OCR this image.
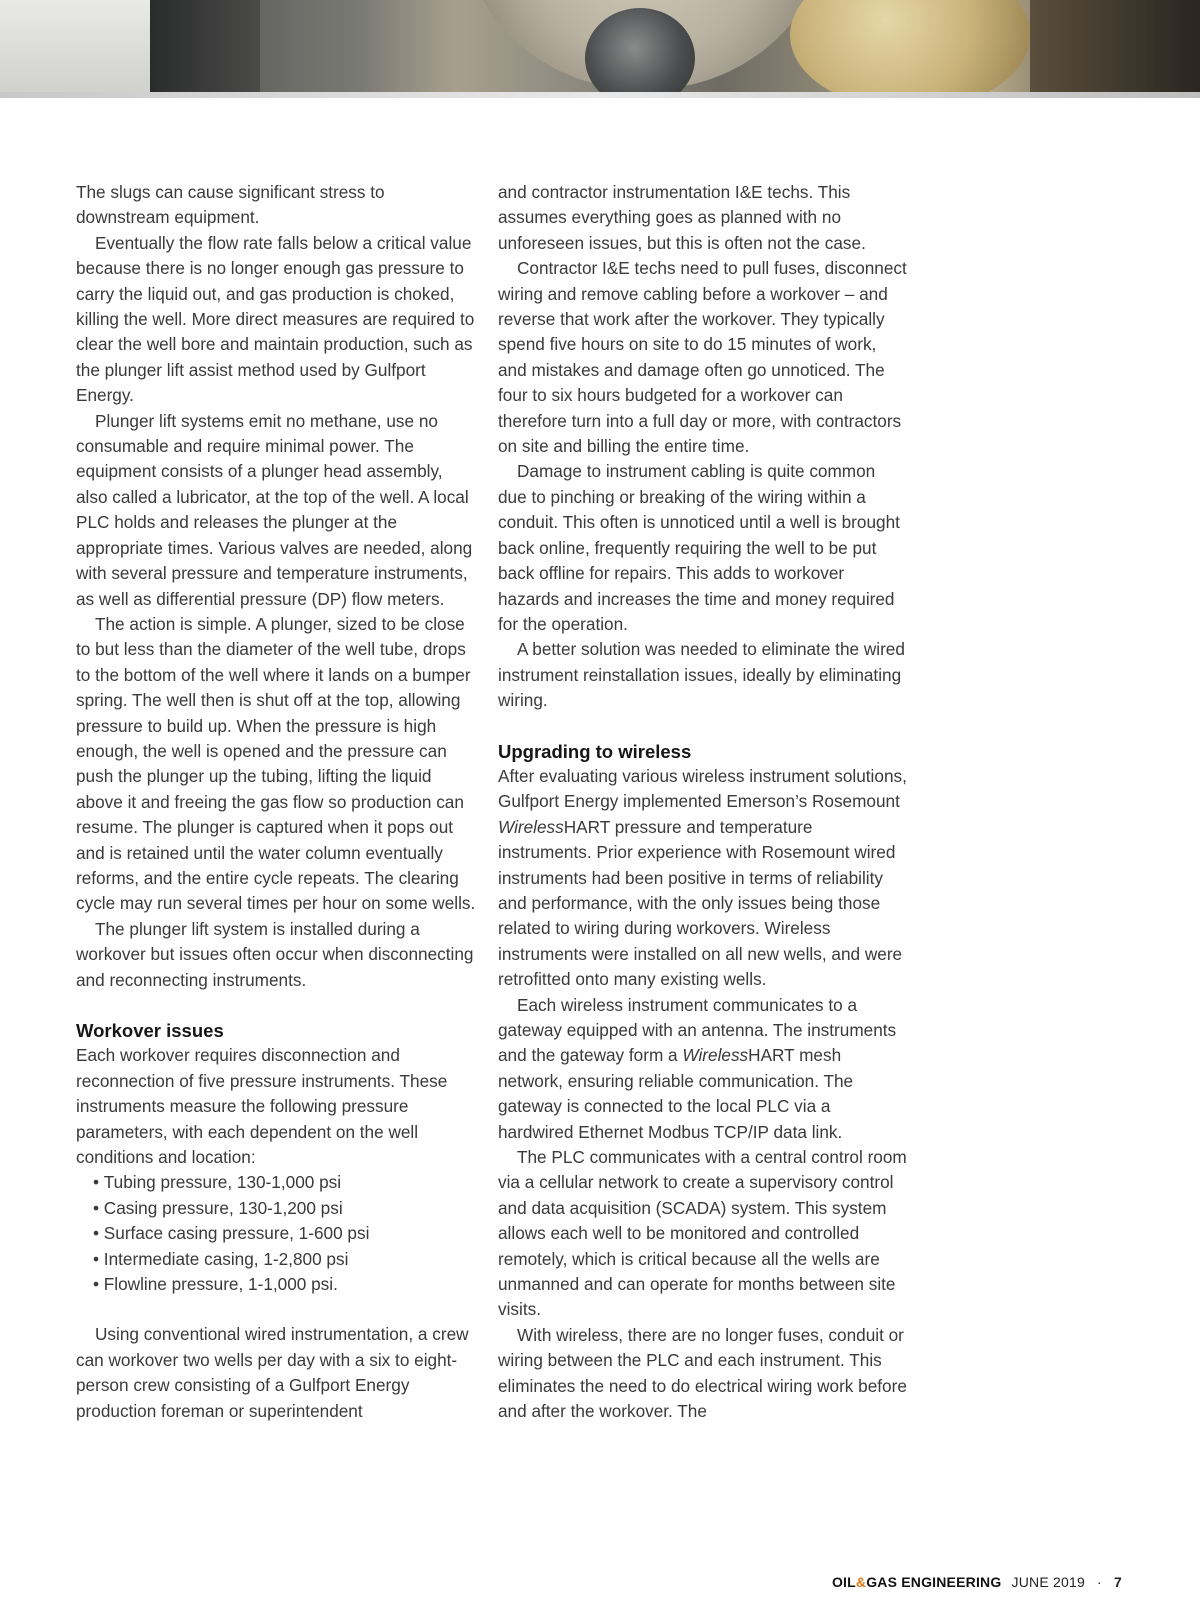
The slugs can cause significant stress to downstream equipment.

Eventually the flow rate falls below a critical value because there is no longer enough gas pressure to carry the liquid out, and gas production is choked, killing the well. More direct measures are required to clear the well bore and maintain production, such as the plunger lift assist method used by Gulfport Energy.

Plunger lift systems emit no methane, use no consumable and require minimal power. The equipment consists of a plunger head assembly, also called a lubricator, at the top of the well. A local PLC holds and releases the plunger at the appropriate times. Various valves are needed, along with several pressure and temperature instruments, as well as differential pressure (DP) flow meters.

The action is simple. A plunger, sized to be close to but less than the diameter of the well tube, drops to the bottom of the well where it lands on a bumper spring. The well then is shut off at the top, allowing pressure to build up. When the pressure is high enough, the well is opened and the pressure can push the plunger up the tubing, lifting the liquid above it and freeing the gas flow so production can resume. The plunger is captured when it pops out and is retained until the water column eventually reforms, and the entire cycle repeats. The clearing cycle may run several times per hour on some wells.

The plunger lift system is installed during a workover but issues often occur when disconnecting and reconnecting instruments.

Workover issues

Each workover requires disconnection and reconnection of five pressure instruments. These instruments measure the following pressure parameters, with each dependent on the well conditions and location:

• Tubing pressure, 130-1,000 psi
• Casing pressure, 130-1,200 psi
• Surface casing pressure, 1-600 psi
• Intermediate casing, 1-2,800 psi
• Flowline pressure, 1-1,000 psi.

Using conventional wired instrumentation, a crew can workover two wells per day with a six to eight-person crew consisting of a Gulfport Energy production foreman or superintendent

and contractor instrumentation I&E techs. This assumes everything goes as planned with no unforeseen issues, but this is often not the case.

Contractor I&E techs need to pull fuses, disconnect wiring and remove cabling before a workover – and reverse that work after the workover. They typically spend five hours on site to do 15 minutes of work, and mistakes and damage often go unnoticed. The four to six hours budgeted for a workover can therefore turn into a full day or more, with contractors on site and billing the entire time.

Damage to instrument cabling is quite common due to pinching or breaking of the wiring within a conduit. This often is unnoticed until a well is brought back online, frequently requiring the well to be put back offline for repairs. This adds to workover hazards and increases the time and money required for the operation.

A better solution was needed to eliminate the wired instrument reinstallation issues, ideally by eliminating wiring.

Upgrading to wireless

After evaluating various wireless instrument solutions, Gulfport Energy implemented Emerson’s Rosemount WirelessHART pressure and temperature instruments. Prior experience with Rosemount wired instruments had been positive in terms of reliability and performance, with the only issues being those related to wiring during workovers. Wireless instruments were installed on all new wells, and were retrofitted onto many existing wells.

Each wireless instrument communicates to a gateway equipped with an antenna. The instruments and the gateway form a WirelessHART mesh network, ensuring reliable communication. The gateway is connected to the local PLC via a hardwired Ethernet Modbus TCP/IP data link.

The PLC communicates with a central control room via a cellular network to create a supervisory control and data acquisition (SCADA) system. This system allows each well to be monitored and controlled remotely, which is critical because all the wells are unmanned and can operate for months between site visits.

With wireless, there are no longer fuses, conduit or wiring between the PLC and each instrument. This eliminates the need to do electrical wiring work before and after the workover. The

OIL&GAS ENGINEERING JUNE 2019 · 7
